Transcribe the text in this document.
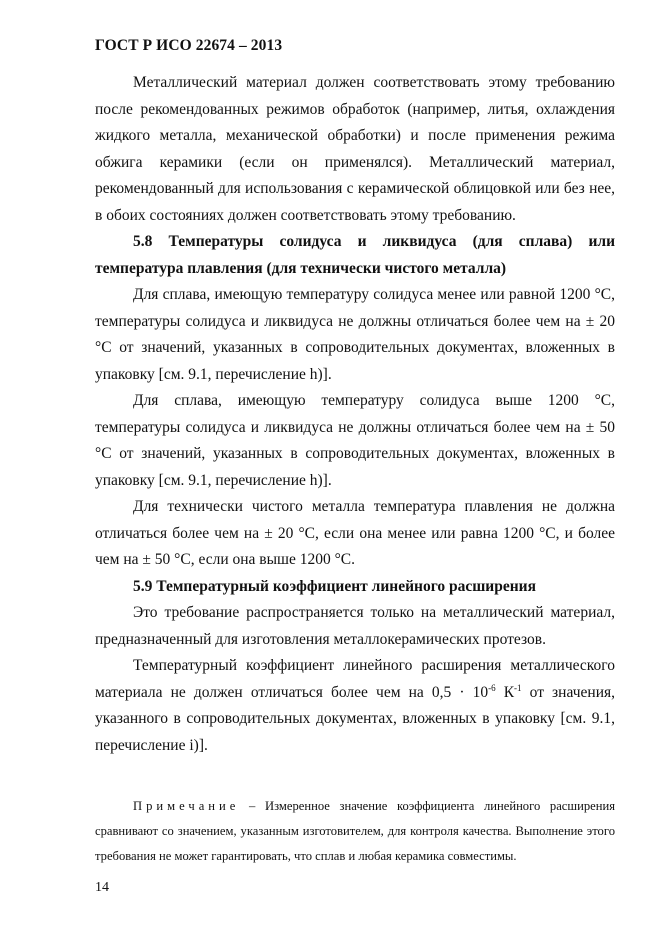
ГОСТ Р ИСО 22674 – 2013

Металлический материал должен соответствовать этому требованию после рекомендованных режимов обработок (например, литья, охлаждения жидкого металла, механической обработки) и после применения режима обжига керамики (если он применялся). Металлический материал, рекомендованный для использования с керамической облицовкой или без нее, в обоих состояниях должен соответствовать этому требованию.

5.8 Температуры солидуса и ликвидуса (для сплава) или температура плавления (для технически чистого металла)

Для сплава, имеющую температуру солидуса менее или равной 1200 °С, температуры солидуса и ликвидуса не должны отличаться более чем на ± 20 °С от значений, указанных в сопроводительных документах, вложенных в упаковку [см. 9.1, перечисление h)].

Для сплава, имеющую температуру солидуса выше 1200 °С, температуры солидуса и ликвидуса не должны отличаться более чем на ± 50 °С от значений, указанных в сопроводительных документах, вложенных в упаковку [см. 9.1, перечисление h)].

Для технически чистого металла температура плавления не должна отличаться более чем на ± 20 °С, если она менее или равна 1200 °С, и более чем на ± 50 °С, если она выше 1200 °С.

5.9 Температурный коэффициент линейного расширения

Это требование распространяется только на металлический материал, предназначенный для изготовления металлокерамических протезов.

Температурный коэффициент линейного расширения металлического материала не должен отличаться более чем на $0,5 \cdot 10^{-6}$ $К^{-1}$ от значения, указанного в сопроводительных документах, вложенных в упаковку [см. 9.1, перечисление i)].

Примечание – Измеренное значение коэффициента линейного расширения сравнивают со значением, указанным изготовителем, для контроля качества. Выполнение этого требования не может гарантировать, что сплав и любая керамика совместимы.
14
